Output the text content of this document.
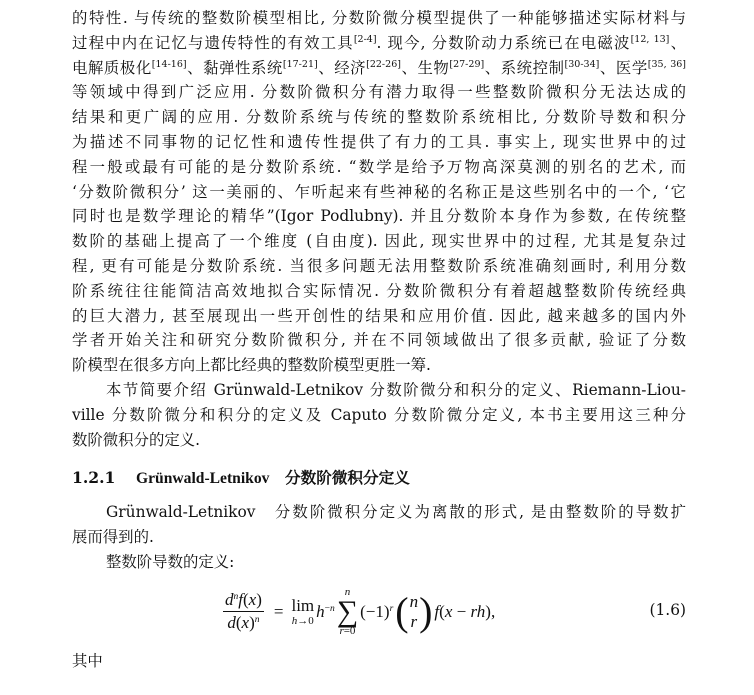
的特性. 与传统的整数阶模型相比, 分数阶微分模型提供了一种能够描述实际材料与

过程中内在记忆与遗传特性的有效工具[2-4]. 现今, 分数阶动力系统已在电磁波[12, 13]、

电解质极化[14-16]、黏弹性系统[17-21]、经济[22-26]、生物[27-29]、系统控制[30-34]、医学[35, 36]

等领域中得到广泛应用. 分数阶微积分有潜力取得一些整数阶微积分无法达成的

结果和更广阔的应用. 分数阶系统与传统的整数阶系统相比, 分数阶导数和积分

为描述不同事物的记忆性和遗传性提供了有力的工具. 事实上, 现实世界中的过

程一般或最有可能的是分数阶系统. “数学是给予万物高深莫测的别名的艺术, 而

‘分数阶微积分’ 这一美丽的、乍听起来有些神秘的名称正是这些别名中的一个, ‘它

同时也是数学理论的精华”(Igor Podlubny). 并且分数阶本身作为参数, 在传统整

数阶的基础上提高了一个维度 (自由度). 因此, 现实世界中的过程, 尤其是复杂过

程, 更有可能是分数阶系统. 当很多问题无法用整数阶系统准确刻画时, 利用分数

阶系统往往能简洁高效地拟合实际情况. 分数阶微积分有着超越整数阶传统经典

的巨大潜力, 甚至展现出一些开创性的结果和应用价值. 因此, 越来越多的国内外

学者开始关注和研究分数阶微积分, 并在不同领域做出了很多贡献, 验证了分数

阶模型在很多方向上都比经典的整数阶模型更胜一筹.

本节简要介绍 Grünwald-Letnikov 分数阶微分和积分的定义、Riemann-Liou-

ville 分数阶微分和积分的定义及 Caputo 分数阶微分定义, 本书主要用这三种分

数阶微积分的定义.

1.2.1	Grünwald-Letnikov　分数阶微积分定义

Grünwald-Letnikov　分数阶微积分定义为离散的形式, 是由整数阶的导数扩

展而得到的.

整数阶导数的定义:

$\frac{d^nf(x)}{d(x)^n} = \lim$
h→0 $h^{-n}$
n
∑
r=0
$(-1)^r$ ( n
r ) f(x − rh),	(1.6)

其中
